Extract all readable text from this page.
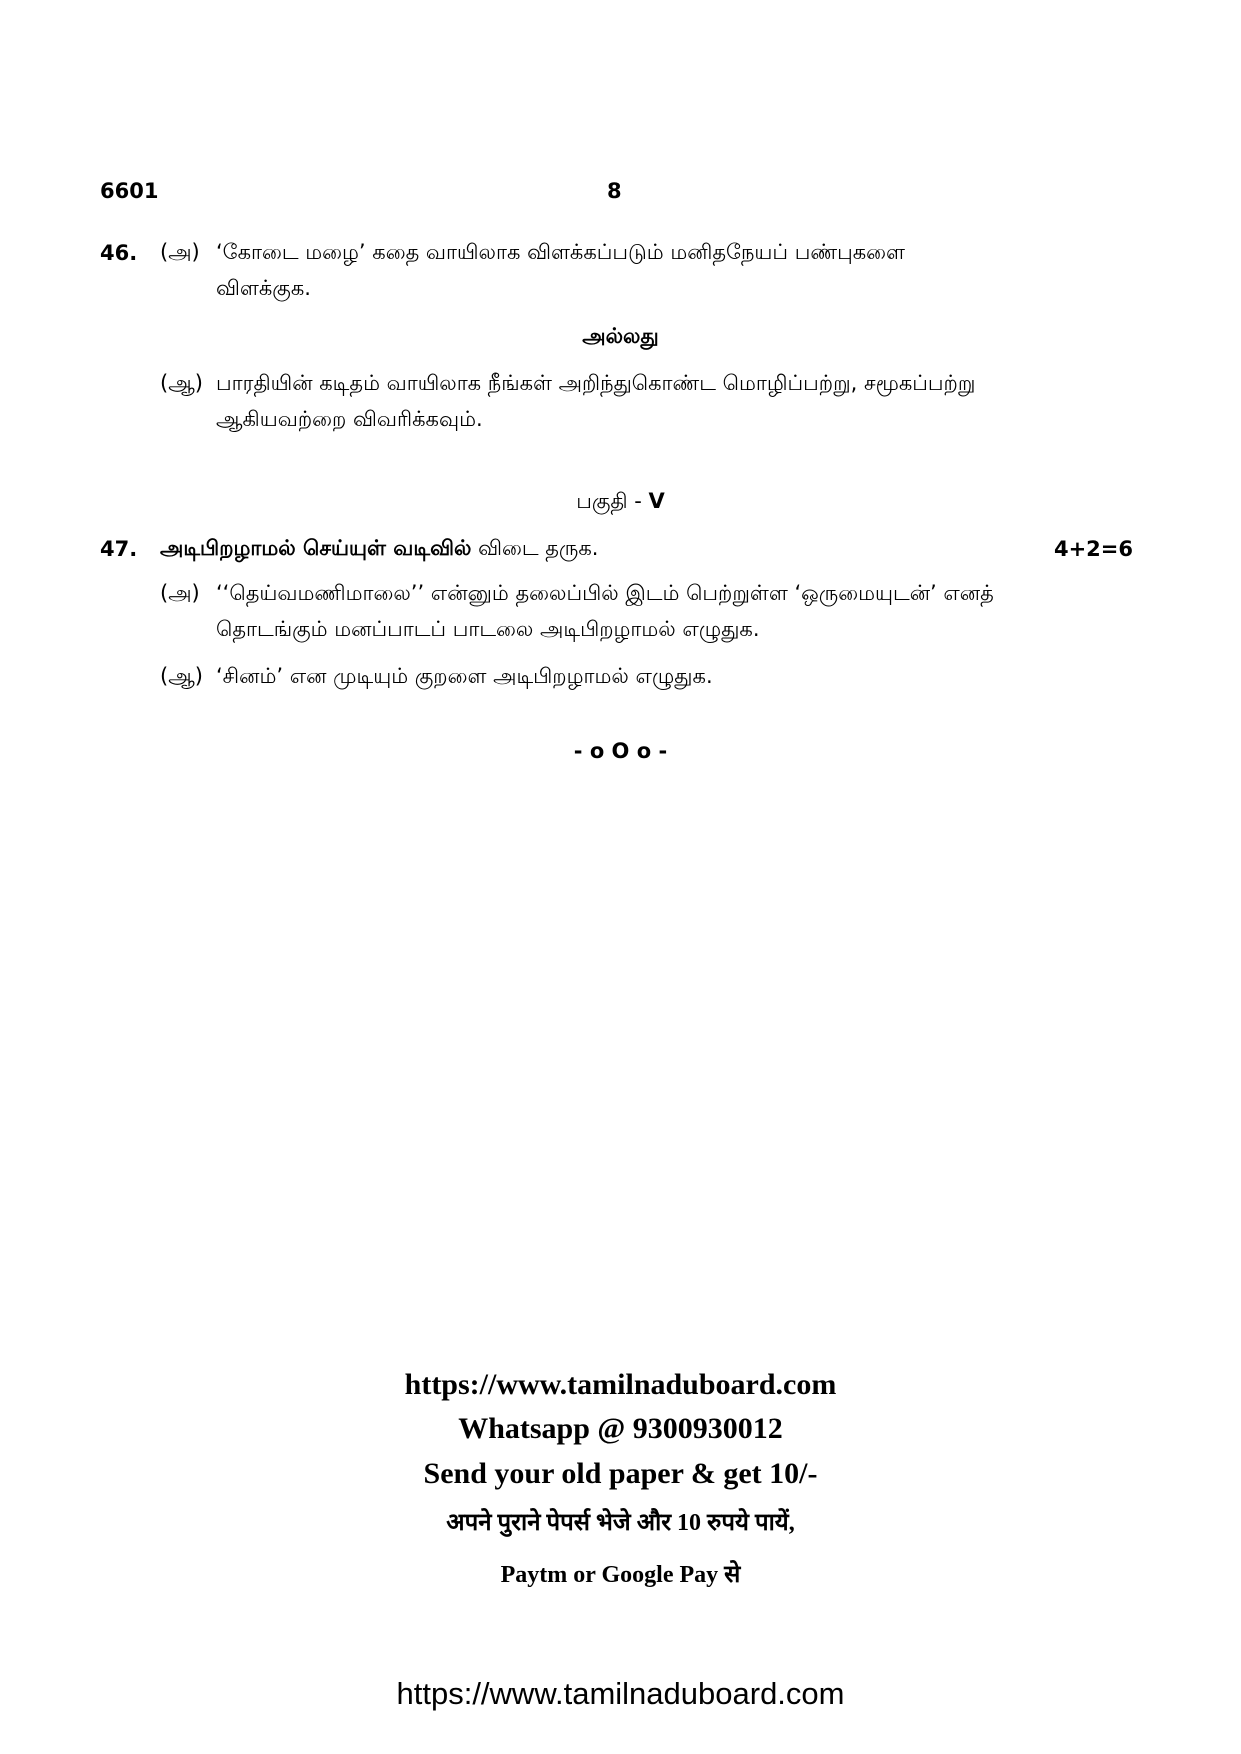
6601	8
46. (அ) ‘கோடை மழை’ கதை வாயிலாக விளக்கப்படும் மனிதநேயப் பண்புகளை
விளக்குக.
அல்லது
(ஆ) பாரதியின் கடிதம் வாயிலாக நீங்கள் அறிந்துகொண்ட மொழிப்பற்று, சமூகப்பற்று
ஆகியவற்றை விவரிக்கவும்.
பகுதி - V
47. அடிபிறழாமல் செய்யுள் வடிவில் விடை தருக.	4+2=6
(அ) ‘‘தெய்வமணிமாலை’’ என்னும் தலைப்பில் இடம் பெற்றுள்ள ‘ஒருமையுடன்’ எனத்
தொடங்கும் மனப்பாடப் பாடலை அடிபிறழாமல் எழுதுக.
(ஆ) ‘சினம்’ என முடியும் குறளை அடிபிறழாமல் எழுதுக.
- o O o -
https://www.tamilnaduboard.com
Whatsapp @ 9300930012
Send your old paper & get 10/-
अपने पुराने पेपर्स भेजे और 10 रुपये पायें,
Paytm or Google Pay से
https://www.tamilnaduboard.com
